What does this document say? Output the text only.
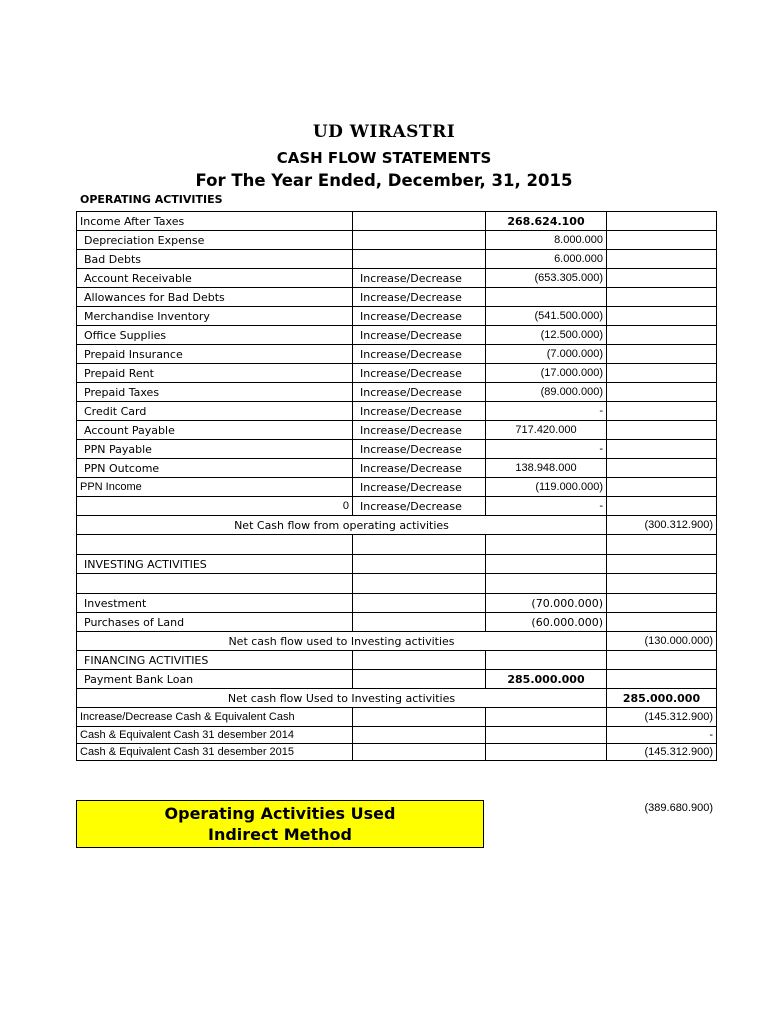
UD WIRASTRI
CASH FLOW STATEMENTS
For The Year Ended, December, 31, 2015
OPERATING ACTIVITIES
Income After Taxes		268.624.100	
Depreciation Expense		8.000.000	
Bad Debts		6.000.000	
Account Receivable	Increase/Decrease	(653.305.000)	
Allowances for Bad Debts	Increase/Decrease		
Merchandise Inventory	Increase/Decrease	(541.500.000)	
Office Supplies	Increase/Decrease	(12.500.000)	
Prepaid Insurance	Increase/Decrease	(7.000.000)	
Prepaid Rent	Increase/Decrease	(17.000.000)	
Prepaid Taxes	Increase/Decrease	(89.000.000)	
Credit Card	Increase/Decrease	-	
Account Payable	Increase/Decrease	717.420.000	
PPN Payable	Increase/Decrease	-	
PPN Outcome	Increase/Decrease	138.948.000	
PPN Income	Increase/Decrease	(119.000.000)	
0	Increase/Decrease	-	
Net Cash flow from operating activities			(300.312.900)

INVESTING ACTIVITIES			

Investment		(70.000.000)	
Purchases of Land		(60.000.000)	
Net cash flow used to Investing activities			(130.000.000)
FINANCING ACTIVITIES			
Payment Bank Loan		285.000.000	
Net cash flow Used to Investing activities			285.000.000
Increase/Decrease Cash & Equivalent Cash			(145.312.900)
Cash & Equivalent Cash 31 desember 2014			-
Cash & Equivalent Cash 31 desember 2015			(145.312.900)
Operating Activities Used
Indirect Method
(389.680.900)
